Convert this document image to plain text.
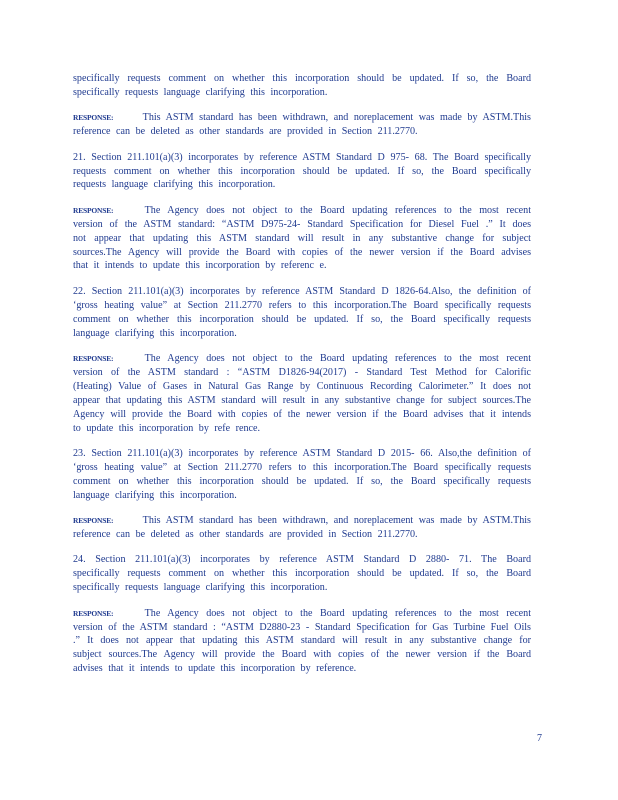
specifically requests comment on whether this incorporation should be updated. If so, the Board specifically requests language clarifying this incorporation.

RESPONSE:	This ASTM standard has been withdrawn, and noreplacement was made by ASTM.This reference can be deleted as other standards are provided in Section 211.2770.

21. Section 211.101(a)(3) incorporates by reference ASTM Standard D 975- 68. The Board specifically requests comment on whether this incorporation should be updated. If so, the Board specifically requests language clarifying this incorporation.

RESPONSE:	The Agency does not object to the Board updating references to the most recent version of the ASTM standard: “ASTM D975-24- Standard Specification for Diesel Fuel .” It does not appear that updating this ASTM standard will result in any substantive change for subject sources.The Agency will provide the Board with copies of the newer version if the Board advises that it intends to update this incorporation by referenc e.

22. Section 211.101(a)(3) incorporates by reference ASTM Standard D 1826-64.Also, the definition of ‘gross heating value” at Section 211.2770 refers to this incorporation.The Board specifically requests comment on whether this incorporation should be updated. If so, the Board specifically requests language clarifying this incorporation.

RESPONSE:	The Agency does not object to the Board updating references to the most recent version of the ASTM standard : “ASTM D1826-94(2017) - Standard Test Method for Calorific (Heating) Value of Gases in Natural Gas Range by Continuous Recording Calorimeter.” It does not appear that updating this ASTM standard will result in any substantive change for subject sources.The Agency will provide the Board with copies of the newer version if the Board advises that it intends to update this incorporation by refe rence.

23. Section 211.101(a)(3) incorporates by reference ASTM Standard D 2015- 66. Also,the definition of ‘gross heating value” at Section 211.2770 refers to this incorporation.The Board specifically requests comment on whether this incorporation should be updated. If so, the Board specifically requests language clarifying this incorporation.

RESPONSE:	This ASTM standard has been withdrawn, and noreplacement was made by ASTM.This reference can be deleted as other standards are provided in Section 211.2770.

24. Section 211.101(a)(3) incorporates by reference ASTM Standard D 2880- 71. The Board specifically requests comment on whether this incorporation should be updated. If so, the Board specifically requests language clarifying this incorporation.

RESPONSE:	The Agency does not object to the Board updating references to the most recent version of the ASTM standard : “ASTM D2880-23 - Standard Specification for Gas Turbine Fuel Oils .” It does not appear that updating this ASTM standard will result in any substantive change for subject sources.The Agency will provide the Board with copies of the newer version if the Board advises that it intends to update this incorporation by reference.

7
